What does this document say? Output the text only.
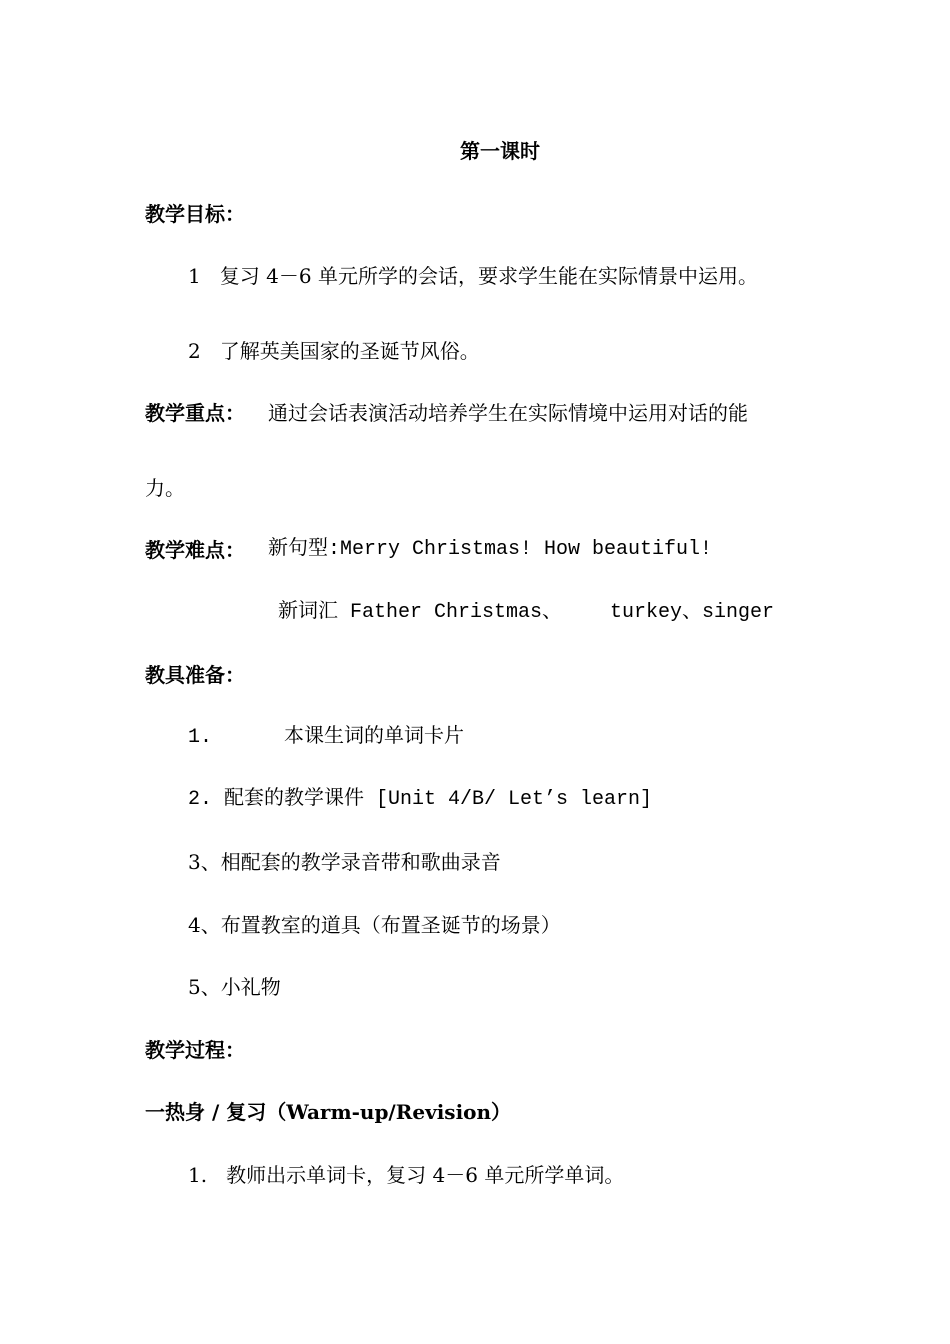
第一课时
教学目标：
1   复习 4－6 单元所学的会话，要求学生能在实际情景中运用。
2   了解英美国家的圣诞节风俗。
教学重点： 通过会话表演活动培养学生在实际情境中运用对话的能
力。
教学难点： 新句型:Merry Christmas! How beautiful!
新词汇 Father Christmas、    turkey、singer
教具准备：
1.      本课生词的单词卡片
2. 配套的教学课件 [Unit 4/B/ Let’s learn]
3、相配套的教学录音带和歌曲录音
4、布置教室的道具（布置圣诞节的场景）
5、小礼物
教学过程：
一热身 / 复习（Warm-up/Revision）
1.   教师出示单词卡，复习 4－6 单元所学单词。
